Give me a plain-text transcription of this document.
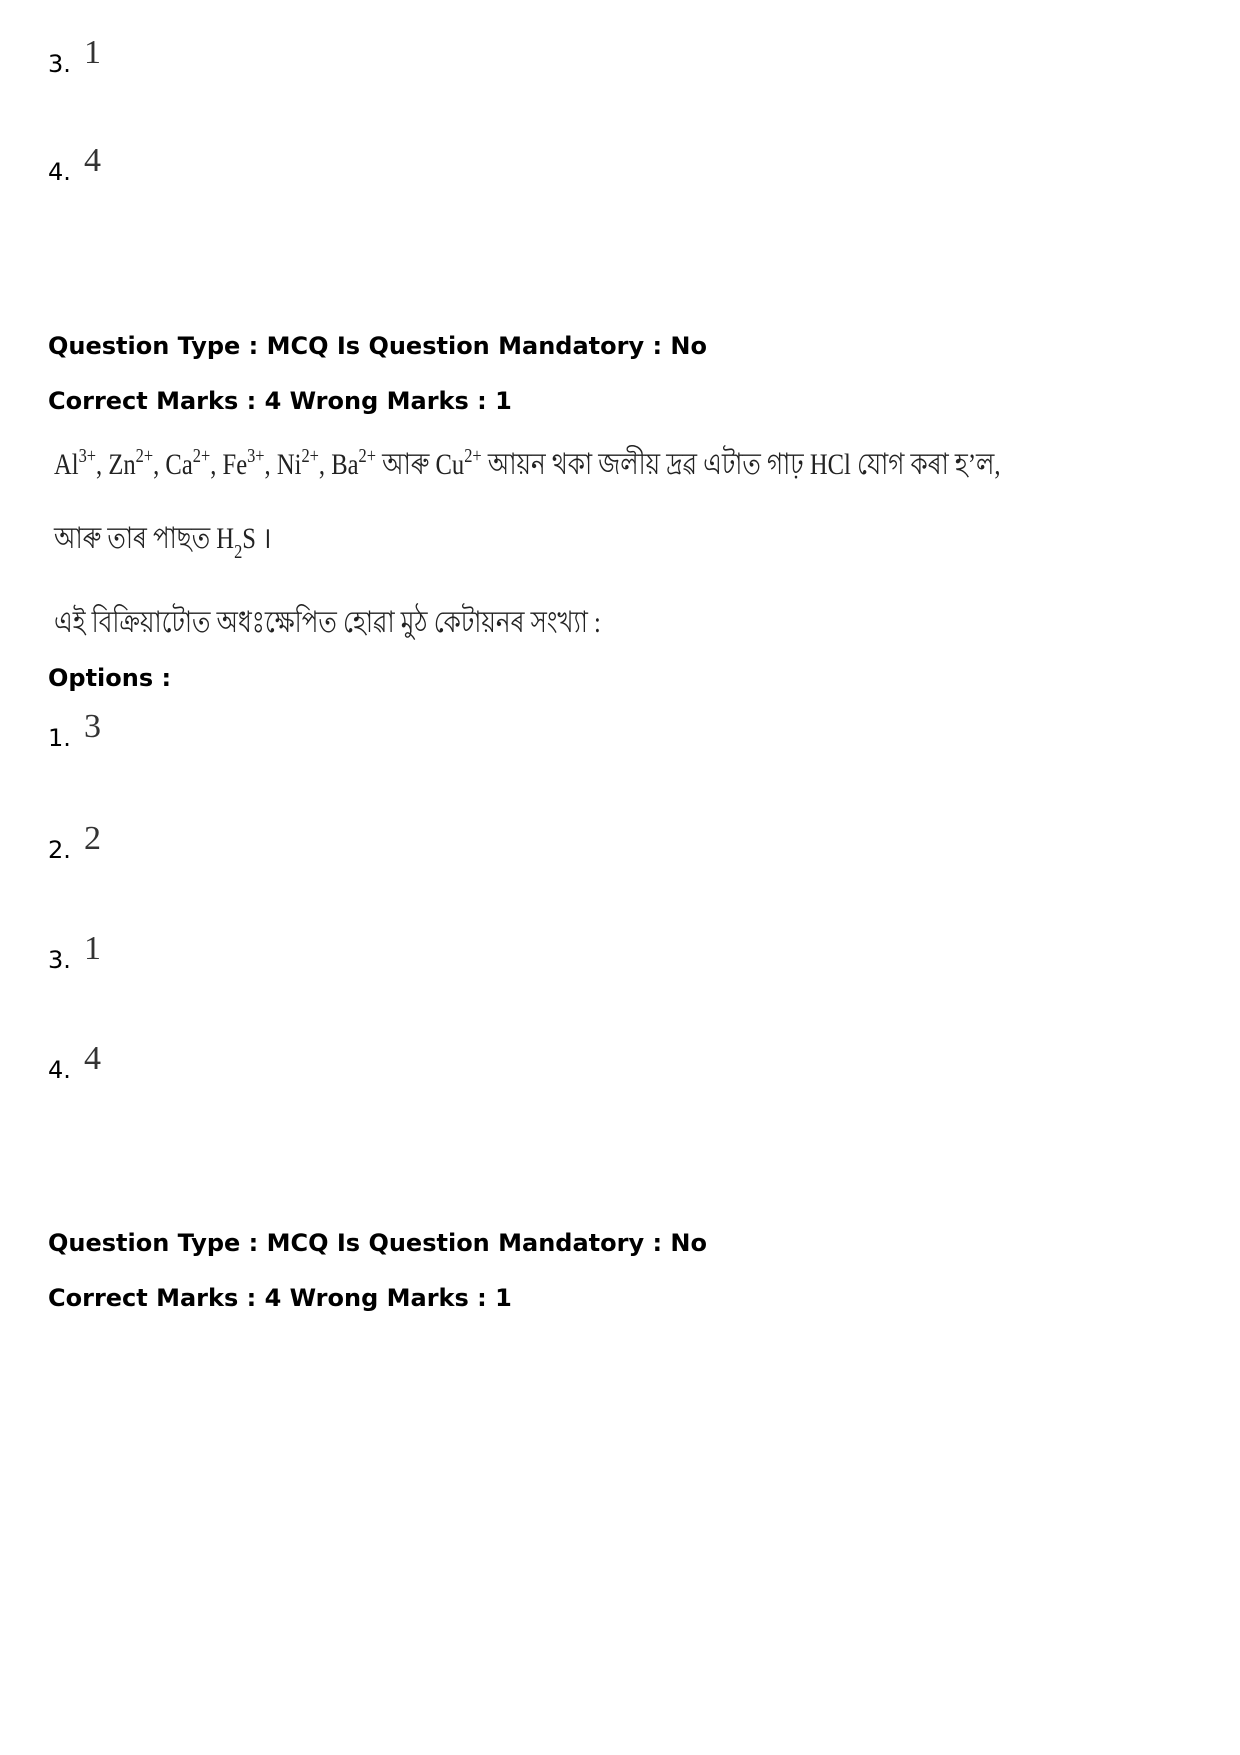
3. 1
4. 4
Question Type : MCQ Is Question Mandatory : No
Correct Marks : 4 Wrong Marks : 1
$Al^{3+}$, $Zn^{2+}$, $Ca^{2+}$, $Fe^{3+}$, $Ni^{2+}$, $Ba^{2+}$ আৰু $Cu^{2+}$ আয়ন থকা জলীয় দ্ৰৱ এটাত গাঢ় HCl যোগ কৰা হ’ল,
আৰু তাৰ পাছত $H_2S$ ।
এই বিক্ৰিয়াটোত অধঃক্ষেপিত হোৱা মুঠ কেটায়নৰ সংখ্যা :
Options :
1. 3
2. 2
3. 1
4. 4
Question Type : MCQ Is Question Mandatory : No
Correct Marks : 4 Wrong Marks : 1
